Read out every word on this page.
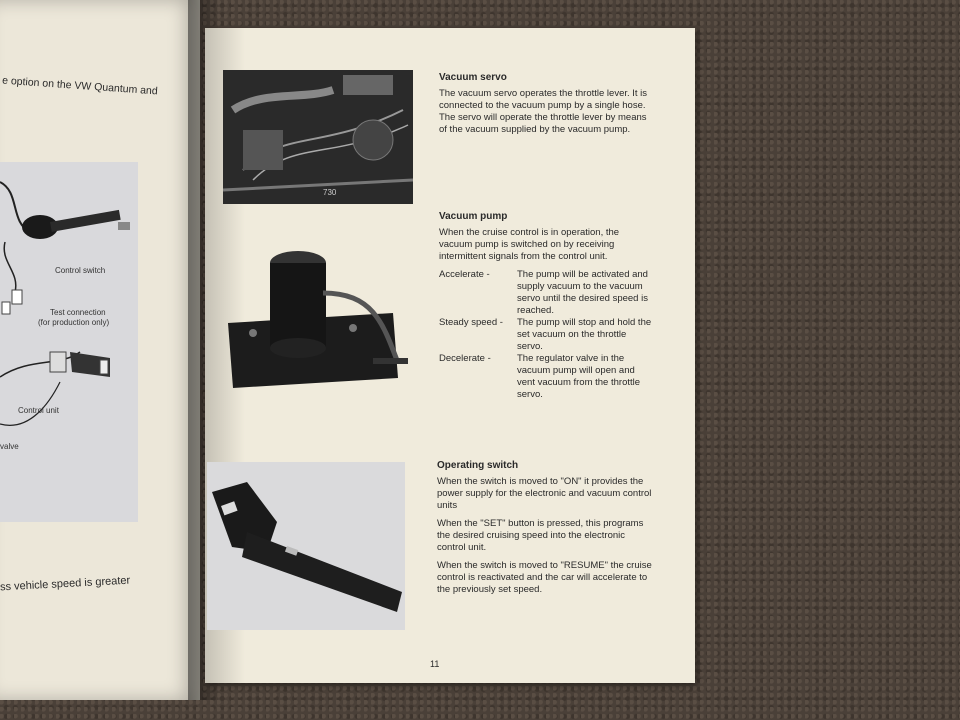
e option on the VW Quantum and
Control switch
Test connection
(for production only)
Control unit
valve
ss vehicle speed is greater
730
Vacuum servo
The vacuum servo operates the throttle lever. It is connected to the vacuum pump by a single hose. The servo will operate the throttle lever by means of the vacuum supplied by the vacuum pump.
Vacuum pump
When the cruise control is in operation, the vacuum pump is switched on by receiving intermittent signals from the control unit.
Accelerate -	The pump will be activated and supply vacuum to the vacuum servo until the desired speed is reached.
Steady speed -	The pump will stop and hold the set vacuum on the throttle servo.
Decelerate -	The regulator valve in the vacuum pump will open and vent vacuum from the throttle servo.
Operating switch
When the switch is moved to "ON" it provides the power supply for the electronic and vacuum control units
When the "SET" button is pressed, this programs the desired cruising speed into the electronic control unit.
When the switch is moved to "RESUME" the cruise control is reactivated and the car will accelerate to the previously set speed.
11
